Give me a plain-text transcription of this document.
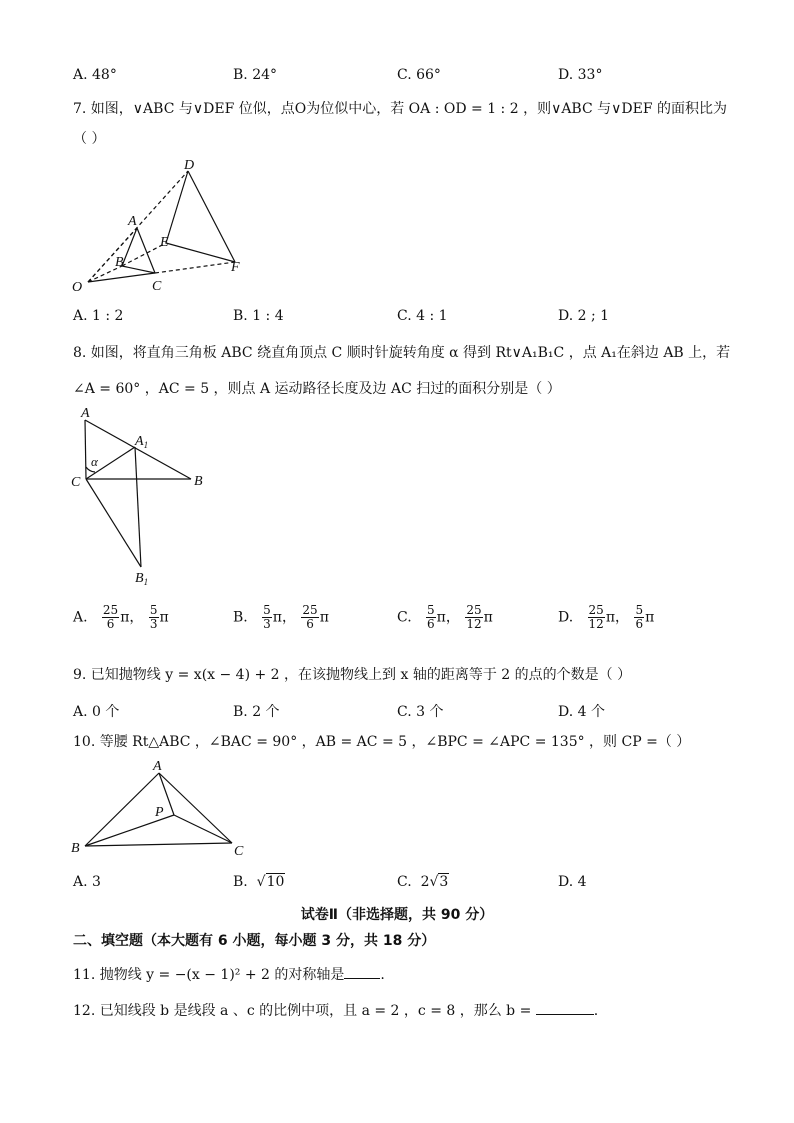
A. 48°	B. 24°	C. 66°	D. 33°
7. 如图，∨ABC 与∨DEF 位似，点O为位似中心，若 OA : OD = 1 : 2 ，则∨ABC 与∨DEF 的面积比为
（ ）
D
A
E
B	F
O	C
A. 1 : 2	B. 1 : 4	C. 4 : 1	D. 2 ; 1
8. 如图，将直角三角板 ABC 绕直角顶点 C 顺时针旋转角度 α 得到 Rt∨A₁B₁C ，点 A₁在斜边 AB 上，若
∠A = 60° ，AC = 5 ，则点 A 运动路径长度及边 AC 扫过的面积分别是（ ）
A
$A_1$
α
C	B
$B_1$
A. $\frac{25}{6}$ π， $\frac{5}{3}$ π	B. $\frac{5}{3}$ π， $\frac{25}{6}$ π	C. $\frac{5}{6}$ π， $\frac{25}{12}$ π	D. $\frac{25}{12}$ π， $\frac{5}{6}$ π
9. 已知抛物线 y = x(x − 4) + 2 ，在该抛物线上到 x 轴的距离等于 2 的点的个数是（ ）
A. 0 个	B. 2 个	C. 3 个	D. 4 个
10. 等腰 Rt△ABC ，∠BAC = 90° ，AB = AC = 5 ，∠BPC = ∠APC = 135° ，则 CP =（ ）
A
P
B	C
A. 3	B. √10	C. 2√3	D. 4
试卷Ⅱ（非选择题，共 90 分）
二、填空题（本大题有 6 小题，每小题 3 分，共 18 分）
11. 抛物线 y = −(x − 1)² + 2 的对称轴是	.
12. 已知线段 b 是线段 a 、c 的比例中项，且 a = 2 ，c = 8 ，那么 b =	.
